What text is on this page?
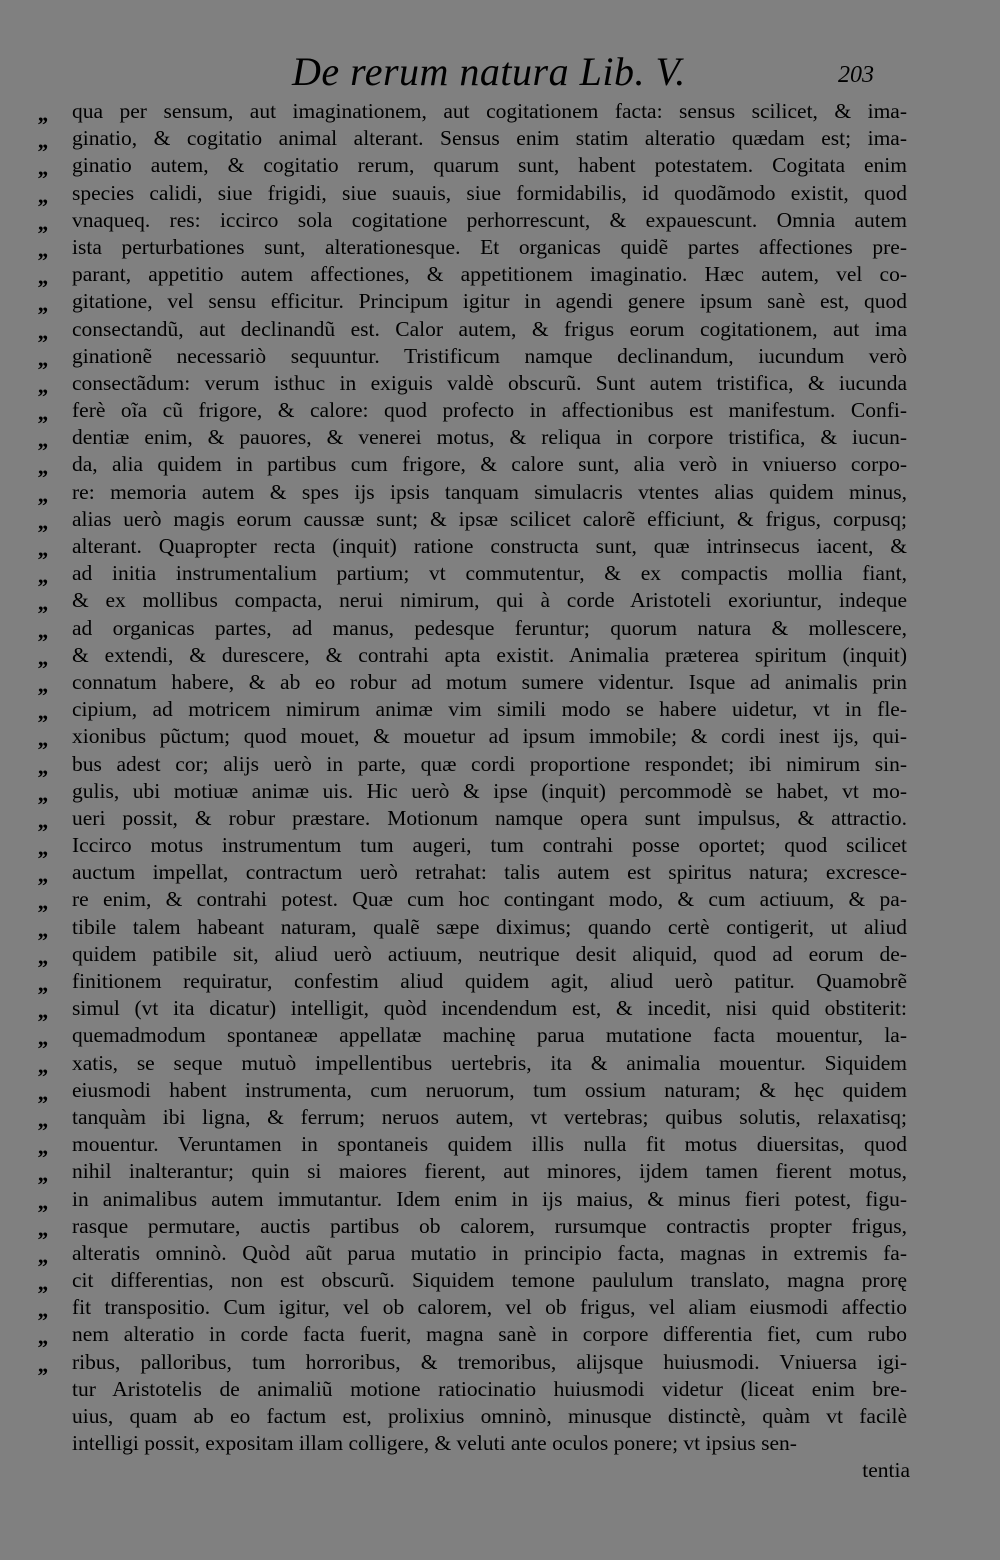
De rerum natura Lib. V.	203
,, qua per sensum, aut imaginationem, aut cogitationem facta: sensus scilicet, & ima-
,, ginatio, & cogitatio animal alterant. Sensus enim statim alteratio quædam est; ima-
,, ginatio autem, & cogitatio rerum, quarum sunt, habent potestatem. Cogitata enim
,, species calidi, siue frigidi, siue suauis, siue formidabilis, id quodãmodo existit, quod
,, vnaqueq. res: iccirco sola cogitatione perhorrescunt, & expauescunt. Omnia autem
,, ista perturbationes sunt, alterationesque. Et organicas quidẽ partes affectiones pre-
,, parant, appetitio autem affectiones, & appetitionem imaginatio. Hæc autem, vel co-
,, gitatione, vel sensu efficitur. Principum igitur in agendi genere ipsum sanè est, quod
,, consectandũ, aut declinandũ est. Calor autem, & frigus eorum cogitationem, aut ima
,, ginationẽ necessariò sequuntur. Tristificum namque declinandum, iucundum verò
,, consectãdum: verum isthuc in exiguis valdè obscurũ. Sunt autem tristifica, & iucunda
,, ferè oĩa cũ frigore, & calore: quod profecto in affectionibus est manifestum. Confi-
,, dentiæ enim, & pauores, & venerei motus, & reliqua in corpore tristifica, & iucun-
,, da, alia quidem in partibus cum frigore, & calore sunt, alia verò in vniuerso corpo-
,, re: memoria autem & spes ijs ipsis tanquam simulacris vtentes alias quidem minus,
,, alias uerò magis eorum caussæ sunt; & ipsæ scilicet calorẽ efficiunt, & frigus, corpusq;
,, alterant. Quapropter recta (inquit) ratione constructa sunt, quæ intrinsecus iacent, &
,, ad initia instrumentalium partium; vt commutentur, & ex compactis mollia fiant,
,, & ex mollibus compacta, nerui nimirum, qui à corde Aristoteli exoriuntur, indeque
,, ad organicas partes, ad manus, pedesque feruntur; quorum natura & mollescere,
,, & extendi, & durescere, & contrahi apta existit. Animalia præterea spiritum (inquit)
,, connatum habere, & ab eo robur ad motum sumere videntur. Isque ad animalis prin
,, cipium, ad motricem nimirum animæ vim simili modo se habere uidetur, vt in fle-
,, xionibus pũctum; quod mouet, & mouetur ad ipsum immobile; & cordi inest ijs, qui-
,, bus adest cor; alijs uerò in parte, quæ cordi proportione respondet; ibi nimirum sin-
,, gulis, ubi motiuæ animæ uis. Hic uerò & ipse (inquit) percommodè se habet, vt mo-
,, ueri possit, & robur præstare. Motionum namque opera sunt impulsus, & attractio.
,, Iccirco motus instrumentum tum augeri, tum contrahi posse oportet; quod scilicet
,, auctum impellat, contractum uerò retrahat: talis autem est spiritus natura; excresce-
,, re enim, & contrahi potest. Quæ cum hoc contingant modo, & cum actiuum, & pa-
,, tibile talem habeant naturam, qualẽ sæpe diximus; quando certè contigerit, ut aliud
,, quidem patibile sit, aliud uerò actiuum, neutrique desit aliquid, quod ad eorum de-
,, finitionem requiratur, confestim aliud quidem agit, aliud uerò patitur. Quamobrẽ
,, simul (vt ita dicatur) intelligit, quòd incendendum est, & incedit, nisi quid obstiterit:
,, quemadmodum spontaneæ appellatæ machinę parua mutatione facta mouentur, la-
,, xatis, se seque mutuò impellentibus uertebris, ita & animalia mouentur. Siquidem
,, eiusmodi habent instrumenta, cum neruorum, tum ossium naturam; & hęc quidem
,, tanquàm ibi ligna, & ferrum; neruos autem, vt vertebras; quibus solutis, relaxatisq;
,, mouentur. Veruntamen in spontaneis quidem illis nulla fit motus diuersitas, quod
,, nihil inalterantur; quin si maiores fierent, aut minores, ijdem tamen fierent motus,
,, in animalibus autem immutantur. Idem enim in ijs maius, & minus fieri potest, figu-
,, rasque permutare, auctis partibus ob calorem, rursumque contractis propter frigus,
,, alteratis omninò. Quòd aũt parua mutatio in principio facta, magnas in extremis fa-
,, cit differentias, non est obscurũ. Siquidem temone paululum translato, magna prorę
,, fit transpositio. Cum igitur, vel ob calorem, vel ob frigus, vel aliam eiusmodi affectio
,, nem alteratio in corde facta fuerit, magna sanè in corpore differentia fiet, cum rubo
,, ribus, palloribus, tum horroribus, & tremoribus, alijsque huiusmodi. Vniuersa igi-
tur Aristotelis de animaliũ motione ratiocinatio huiusmodi videtur (liceat enim bre-
uius, quam ab eo factum est, prolixius omninò, minusque distinctè, quàm vt facilè
intelligi possit, expositam illam colligere, & veluti ante oculos ponere; vt ipsius sen-
tentia
